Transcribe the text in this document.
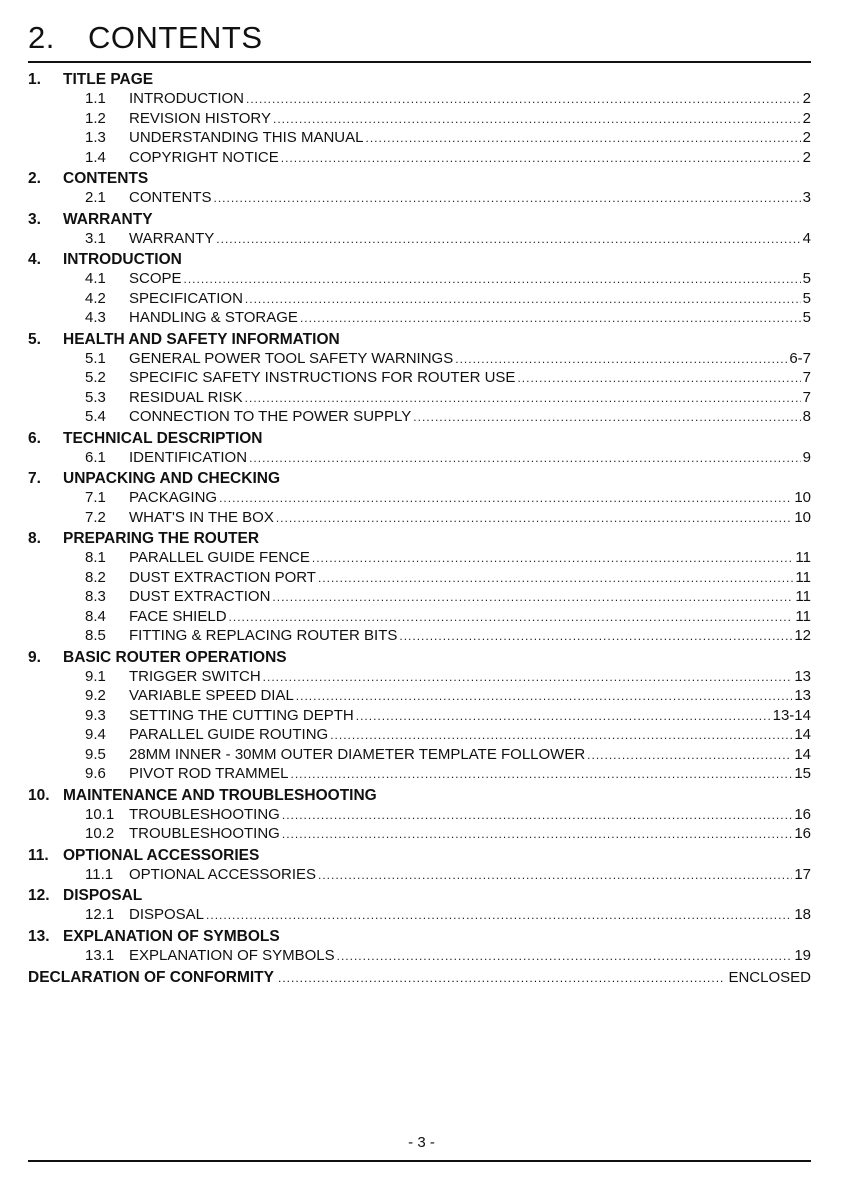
2. CONTENTS
1.	TITLE PAGE
1.1	INTRODUCTION .....	2
1.2	REVISION HISTORY .....	2
1.3	UNDERSTANDING THIS MANUAL .....	2
1.4	COPYRIGHT NOTICE .....	2
2.	CONTENTS
2.1	CONTENTS .....	3
3.	WARRANTY
3.1	WARRANTY .....	4
4.	INTRODUCTION
4.1	SCOPE .....	5
4.2	SPECIFICATION .....	5
4.3	HANDLING & STORAGE .....	5
5.	HEALTH AND SAFETY INFORMATION
5.1	GENERAL POWER TOOL SAFETY WARNINGS .....	6-7
5.2	SPECIFIC SAFETY INSTRUCTIONS FOR ROUTER USE .....	7
5.3	RESIDUAL RISK .....	7
5.4	CONNECTION TO THE POWER SUPPLY .....	8
6.	TECHNICAL DESCRIPTION
6.1	IDENTIFICATION .....	9
7.	UNPACKING AND CHECKING
7.1	PACKAGING .....	10
7.2	WHAT'S IN THE BOX .....	10
8.	PREPARING THE ROUTER
8.1	PARALLEL GUIDE FENCE .....	11
8.2	DUST EXTRACTION PORT .....	11
8.3	DUST EXTRACTION .....	11
8.4	FACE SHIELD .....	11
8.5	FITTING & REPLACING ROUTER BITS .....	12
9.	BASIC ROUTER OPERATIONS
9.1	TRIGGER SWITCH .....	13
9.2	VARIABLE SPEED DIAL .....	13
9.3	SETTING THE CUTTING DEPTH .....	13-14
9.4	PARALLEL GUIDE ROUTING .....	14
9.5	28MM INNER - 30MM OUTER DIAMETER TEMPLATE FOLLOWER .....	14
9.6	PIVOT ROD TRAMMEL .....	15
10. MAINTENANCE AND TROUBLESHOOTING
10.1 TROUBLESHOOTING .....	16
10.2 TROUBLESHOOTING .....	16
11. OPTIONAL ACCESSORIES
11.1	OPTIONAL ACCESSORIES .....	17
12. DISPOSAL
12.1 DISPOSAL .....	18
13. EXPLANATION OF SYMBOLS
13.1 EXPLANATION OF SYMBOLS .....	19
DECLARATION OF CONFORMITY .....	ENCLOSED
- 3 -
